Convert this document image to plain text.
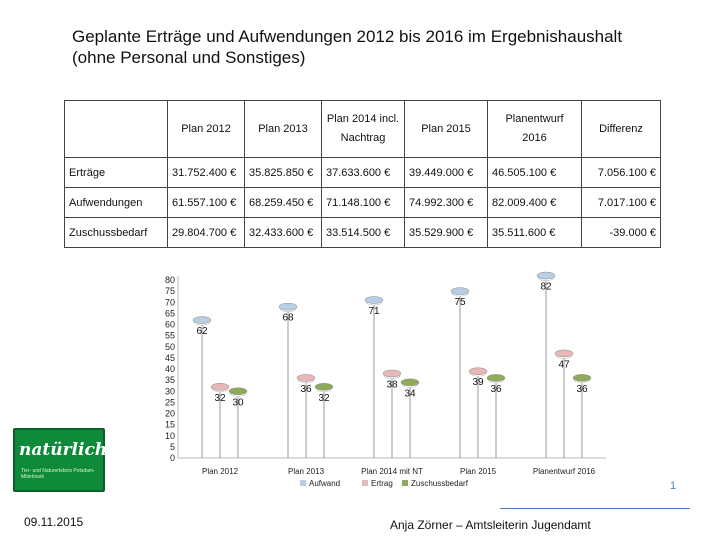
Geplante Erträge und Aufwendungen 2012 bis 2016 im Ergebnishaushalt
(ohne Personal und Sonstiges)
	Plan 2012	Plan 2013	Plan 2014 incl. Nachtrag	Plan 2015	Planentwurf 2016	Differenz
Erträge	31.752.400 €	35.825.850 €	37.633.600 €	39.449.000 €	46.505.100 €	7.056.100 €
Aufwendungen	61.557.100 €	68.259.450 €	71.148.100 €	74.992.300 €	82.009.400 €	7.017.100 €
Zuschussbedarf	29.804.700 €	32.433.600 €	33.514.500 €	35.529.900 €	35.511.600 €	-39.000 €
0
5
10
15
20
25
30
35
40
45
50
55
60
65
70
75
80
62
32 30
Plan 2012
68
36
32
Plan 2013
71
38
34
Plan 2014 mit NT
75
39
36
Plan 2015
82
47
36
Planentwurf 2016
Aufwand	Ertrag Zuschussbedarf
natürlich!
Tier- und Naturerlebnis Potsdam-Mittelmark
09.11.2015	Anja Zörner – Amtsleiterin Jugendamt
1
